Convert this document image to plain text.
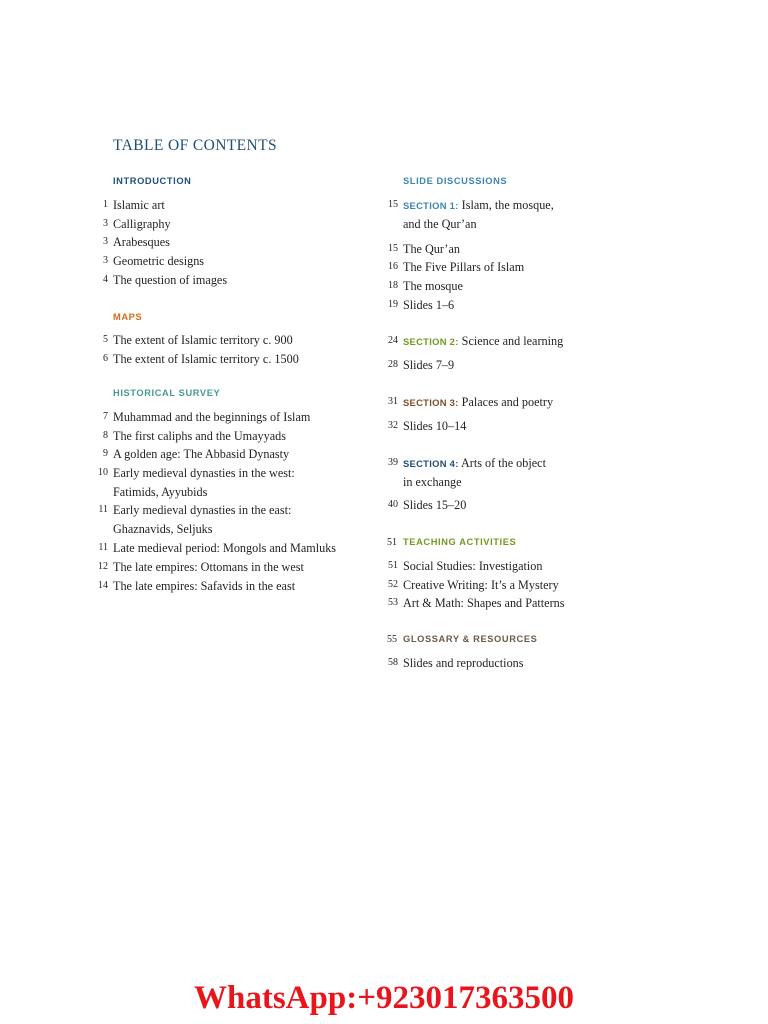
TABLE OF CONTENTS
INTRODUCTION
1 Islamic art
3 Calligraphy
3 Arabesques
3 Geometric designs
4 The question of images
MAPS
5 The extent of Islamic territory c. 900
6 The extent of Islamic territory c. 1500
HISTORICAL SURVEY
7 Muhammad and the beginnings of Islam
8 The first caliphs and the Umayyads
9 A golden age: The Abbasid Dynasty
10 Early medieval dynasties in the west:
Fatimids, Ayyubids
11 Early medieval dynasties in the east:
Ghaznavids, Seljuks
11 Late medieval period: Mongols and Mamluks
12 The late empires: Ottomans in the west
14 The late empires: Safavids in the east
SLIDE DISCUSSIONS
15 SECTION 1: Islam, the mosque,
and the Qur’an
15 The Qur’an
16 The Five Pillars of Islam
18 The mosque
19 Slides 1–6
24 SECTION 2: Science and learning
28 Slides 7–9
31 SECTION 3: Palaces and poetry
32 Slides 10–14
39 SECTION 4: Arts of the object
in exchange
40 Slides 15–20
51 TEACHING ACTIVITIES
51 Social Studies: Investigation
52 Creative Writing: It’s a Mystery
53 Art & Math: Shapes and Patterns
55 GLOSSARY & RESOURCES
58 Slides and reproductions
WhatsApp:+923017363500
